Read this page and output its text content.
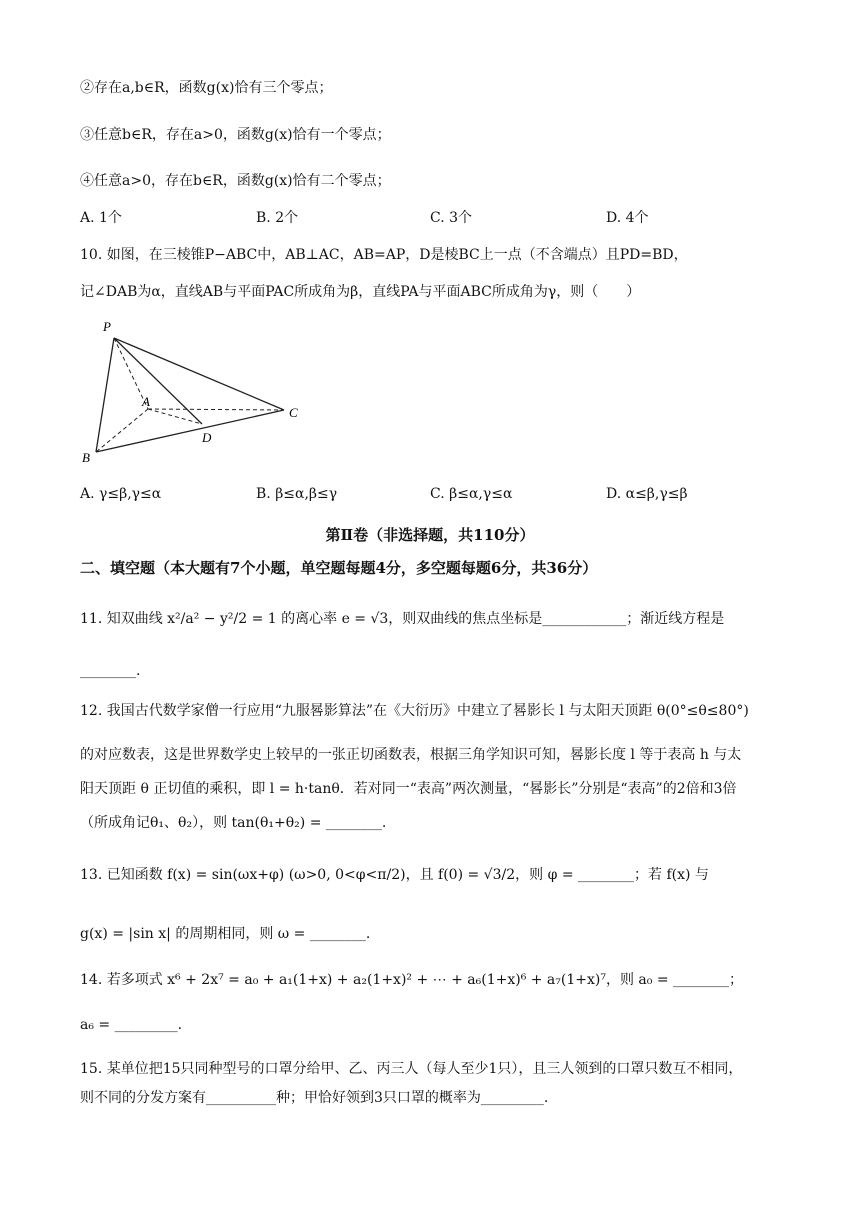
②存在a,b∈R，函数g(x)恰有三个零点；
③任意b∈R，存在a>0，函数g(x)恰有一个零点；
④任意a>0，存在b∈R，函数g(x)恰有二个零点；
A. 1个	B. 2个	C. 3个	D. 4个
10. 如图，在三棱锥P−ABC中，AB⊥AC，AB=AP，D是棱BC上一点（不含端点）且PD=BD，
记∠DAB为α，直线AB与平面PAC所成角为β，直线PA与平面ABC所成角为γ，则（　　）
P
A
B
C
D
A. γ≤β,γ≤α	B. β≤α,β≤γ	C. β≤α,γ≤α	D. α≤β,γ≤β
第Ⅱ卷（非选择题，共110分）
二、填空题（本大题有7个小题，单空题每题4分，多空题每题6分，共36分）
11. 知双曲线 x²/a² − y²/2 = 1 的离心率 e = √3，则双曲线的焦点坐标是____________；渐近线方程是
________.
12. 我国古代数学家僧一行应用“九服晷影算法”在《大衍历》中建立了晷影长 l 与太阳天顶距 θ(0°≤θ≤80°)
的对应数表，这是世界数学史上较早的一张正切函数表，根据三角学知识可知，晷影长度 l 等于表高 h 与太
阳天顶距 θ 正切值的乘积，即 l = h·tanθ．若对同一“表高”两次测量，“晷影长”分别是“表高”的2倍和3倍
（所成角记θ₁、θ₂），则 tan(θ₁+θ₂) = ________.
13. 已知函数 f(x) = sin(ωx+φ) (ω>0, 0<φ<π/2)，且 f(0) = √3/2，则 φ = ________；若 f(x) 与
g(x) = |sin x| 的周期相同，则 ω = ________.
14. 若多项式 x⁶ + 2x⁷ = a₀ + a₁(1+x) + a₂(1+x)² + ⋯ + a₆(1+x)⁶ + a₇(1+x)⁷，则 a₀ = ________；
a₆ = _________.
15. 某单位把15只同种型号的口罩分给甲、乙、丙三人（每人至少1只），且三人领到的口罩只数互不相同，
则不同的分发方案有__________种；甲恰好领到3只口罩的概率为_________.
